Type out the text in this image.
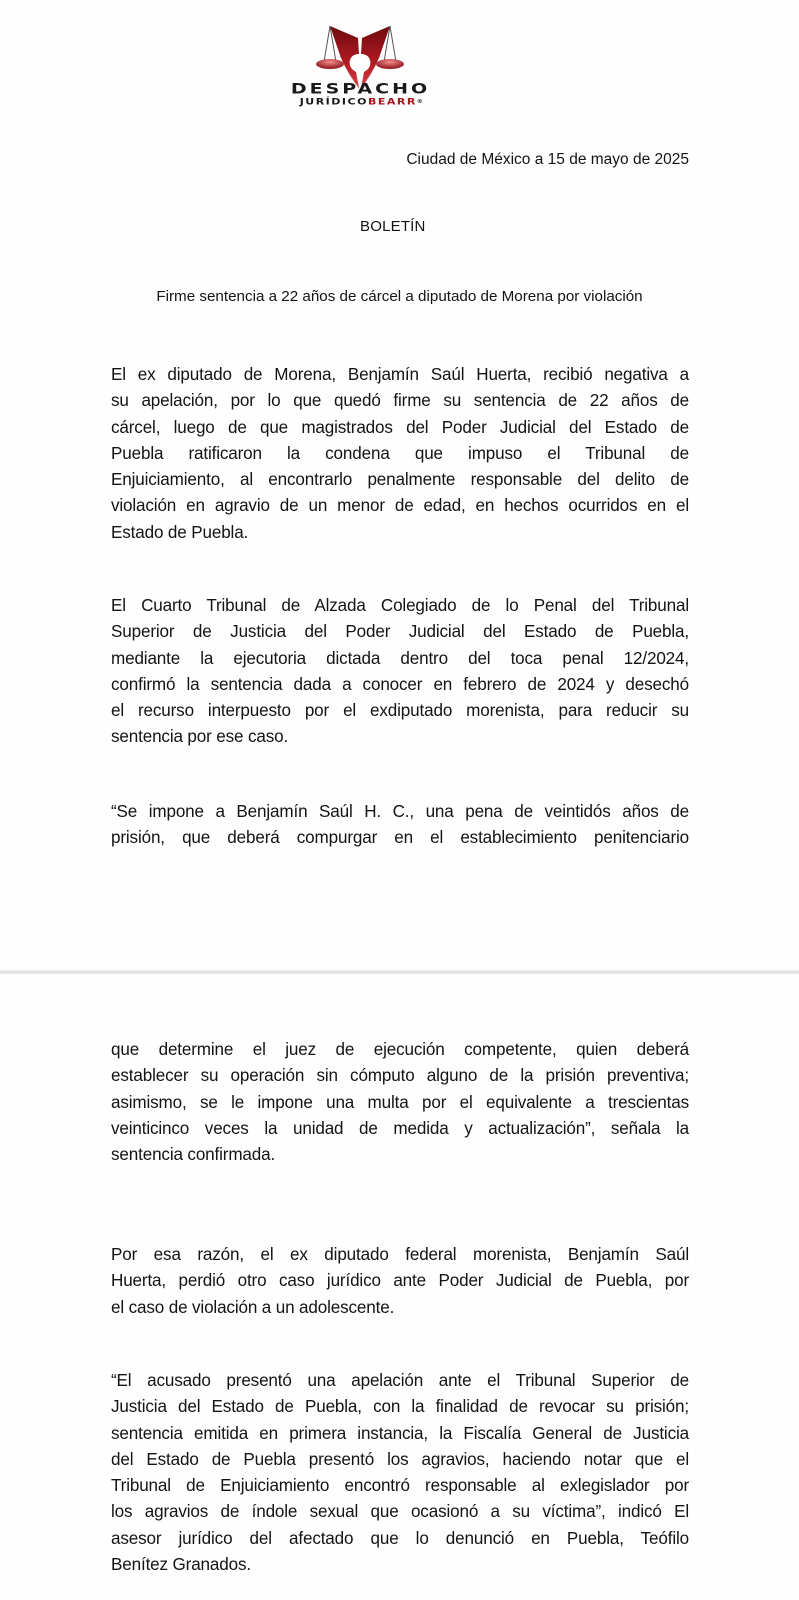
DESPACHO
JURÍDICOBEARR®
Ciudad de México a 15 de mayo de 2025
BOLETÍN
Firme sentencia a 22 años de cárcel a diputado de Morena por violación
El ex diputado de Morena, Benjamín Saúl Huerta, recibió negativa a
su apelación, por lo que quedó firme su sentencia de 22 años de
cárcel, luego de que magistrados del Poder Judicial del Estado de
Puebla ratificaron la condena que impuso el Tribunal de
Enjuiciamiento, al encontrarlo penalmente responsable del delito de
violación en agravio de un menor de edad, en hechos ocurridos en el
Estado de Puebla.
El Cuarto Tribunal de Alzada Colegiado de lo Penal del Tribunal
Superior de Justicia del Poder Judicial del Estado de Puebla,
mediante la ejecutoria dictada dentro del toca penal 12/2024,
confirmó la sentencia dada a conocer en febrero de 2024 y desechó
el recurso interpuesto por el exdiputado morenista, para reducir su
sentencia por ese caso.
“Se impone a Benjamín Saúl H. C., una pena de veintidós años de
prisión, que deberá compurgar en el establecimiento penitenciario
que determine el juez de ejecución competente, quien deberá
establecer su operación sin cómputo alguno de la prisión preventiva;
asimismo, se le impone una multa por el equivalente a trescientas
veinticinco veces la unidad de medida y actualización”, señala la
sentencia confirmada.
Por esa razón, el ex diputado federal morenista, Benjamín Saúl
Huerta, perdió otro caso jurídico ante Poder Judicial de Puebla, por
el caso de violación a un adolescente.
“El acusado presentó una apelación ante el Tribunal Superior de
Justicia del Estado de Puebla, con la finalidad de revocar su prisión;
sentencia emitida en primera instancia, la Fiscalía General de Justicia
del Estado de Puebla presentó los agravios, haciendo notar que el
Tribunal de Enjuiciamiento encontró responsable al exlegislador por
los agravios de índole sexual que ocasionó a su víctima”, indicó El
asesor jurídico del afectado que lo denunció en Puebla, Teófilo
Benítez Granados.
